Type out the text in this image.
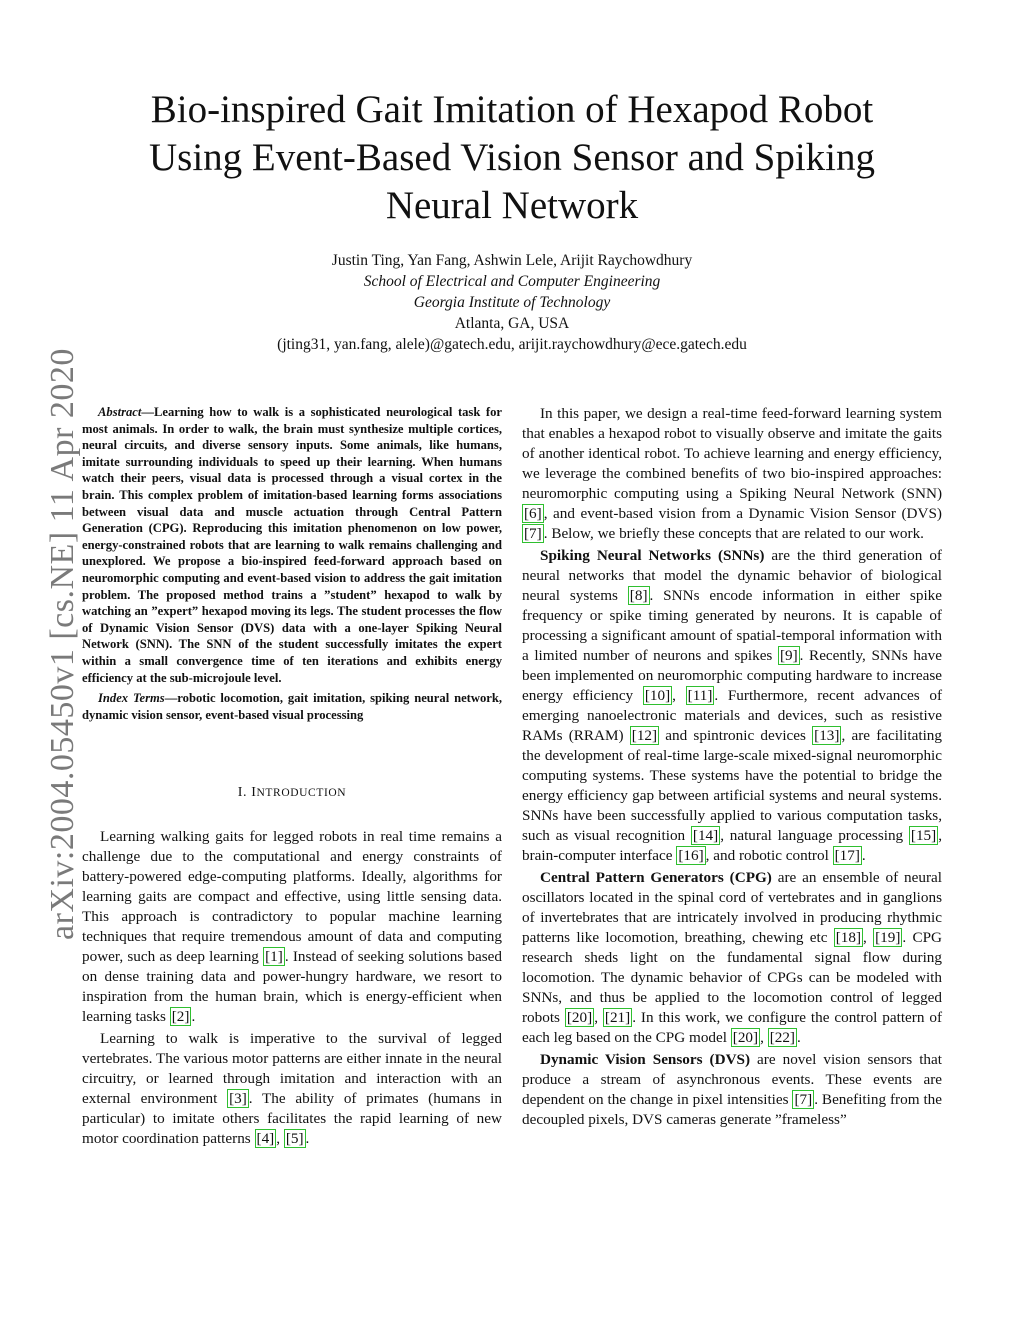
arXiv:2004.05450v1 [cs.NE] 11 Apr 2020
Bio-inspired Gait Imitation of Hexapod Robot Using Event-Based Vision Sensor and Spiking Neural Network
Justin Ting, Yan Fang, Ashwin Lele, Arijit Raychowdhury
School of Electrical and Computer Engineering
Georgia Institute of Technology
Atlanta, GA, USA
(jting31, yan.fang, alele)@gatech.edu, arijit.raychowdhury@ece.gatech.edu

Abstract—Learning how to walk is a sophisticated neurological task for most animals. In order to walk, the brain must synthesize multiple cortices, neural circuits, and diverse sensory inputs. Some animals, like humans, imitate surrounding individuals to speed up their learning. When humans watch their peers, visual data is processed through a visual cortex in the brain. This complex problem of imitation-based learning forms associations between visual data and muscle actuation through Central Pattern Generation (CPG). Reproducing this imitation phenomenon on low power, energy-constrained robots that are learning to walk remains challenging and unexplored. We propose a bio-inspired feed-forward approach based on neuromorphic computing and event-based vision to address the gait imitation problem. The proposed method trains a ”student” hexapod to walk by watching an ”expert” hexapod moving its legs. The student processes the flow of Dynamic Vision Sensor (DVS) data with a one-layer Spiking Neural Network (SNN). The SNN of the student successfully imitates the expert within a small convergence time of ten iterations and exhibits energy efficiency at the sub-microjoule level.

Index Terms—robotic locomotion, gait imitation, spiking neural network, dynamic vision sensor, event-based visual processing

I. INTRODUCTION

Learning walking gaits for legged robots in real time remains a challenge due to the computational and energy constraints of battery-powered edge-computing platforms. Ideally, algorithms for learning gaits are compact and effective, using little sensing data. This approach is contradictory to popular machine learning techniques that require tremendous amount of data and computing power, such as deep learning [1] . Instead of seeking solutions based on dense training data and power-hungry hardware, we resort to inspiration from the human brain, which is energy-efficient when learning tasks [2] .

Learning to walk is imperative to the survival of legged vertebrates. The various motor patterns are either innate in the neural circuitry, or learned through imitation and interaction with an external environment [3] . The ability of primates (humans in particular) to imitate others facilitates the rapid learning of new motor coordination patterns [4] , [5] .

In this paper, we design a real-time feed-forward learning system that enables a hexapod robot to visually observe and imitate the gaits of another identical robot. To achieve learning and energy efficiency, we leverage the combined benefits of two bio-inspired approaches: neuromorphic computing using a Spiking Neural Network (SNN) [6] , and event-based vision from a Dynamic Vision Sensor (DVS) [7] . Below, we briefly these concepts that are related to our work.

Spiking Neural Networks (SNNs) are the third generation of neural networks that model the dynamic behavior of biological neural systems [8] . SNNs encode information in either spike frequency or spike timing generated by neurons. It is capable of processing a significant amount of spatial-temporal information with a limited number of neurons and spikes [9] . Recently, SNNs have been implemented on neuromorphic computing hardware to increase energy efficiency [10] , [11] . Furthermore, recent advances of emerging nanoelectronic materials and devices, such as resistive RAMs (RRAM) [12] and spintronic devices [13] , are facilitating the development of real-time large-scale mixed-signal neuromorphic computing systems. These systems have the potential to bridge the energy efficiency gap between artificial systems and neural systems. SNNs have been successfully applied to various computation tasks, such as visual recognition [14] , natural language processing [15] , brain-computer interface [16] , and robotic control [17] .

Central Pattern Generators (CPG) are an ensemble of neural oscillators located in the spinal cord of vertebrates and in ganglions of invertebrates that are intricately involved in producing rhythmic patterns like locomotion, breathing, chewing etc [18] , [19] . CPG research sheds light on the fundamental signal flow during locomotion. The dynamic behavior of CPGs can be modeled with SNNs, and thus be applied to the locomotion control of legged robots [20] , [21] . In this work, we configure the control pattern of each leg based on the CPG model [20] , [22] .

Dynamic Vision Sensors (DVS) are novel vision sensors that produce a stream of asynchronous events. These events are dependent on the change in pixel intensities [7] . Benefiting from the decoupled pixels, DVS cameras generate ”frameless”
